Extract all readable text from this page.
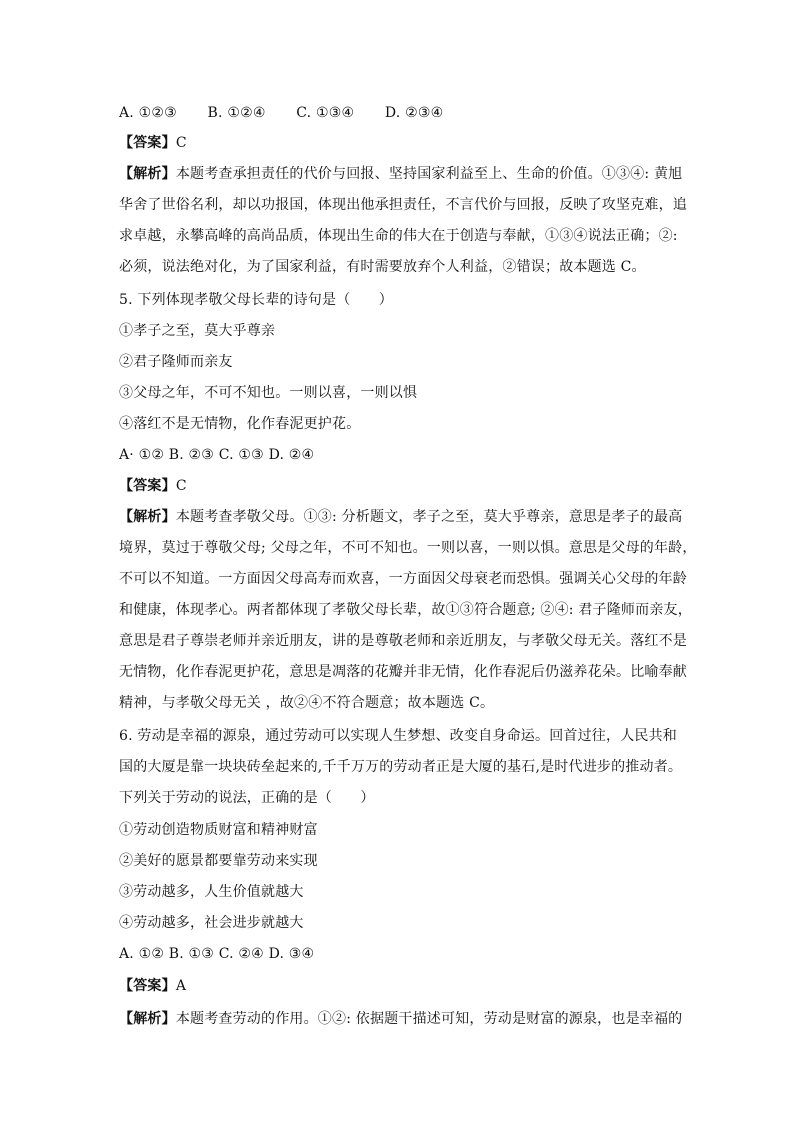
A. ①②③ B. ①②④ C. ①③④ D. ②③④
【答案】C
【解析】本题考查承担责任的代价与回报、坚持国家利益至上、生命的价值。①③④: 黄旭
华舍了世俗名利，却以功报国，体现出他承担责任，不言代价与回报，反映了攻坚克难，追
求卓越，永攀高峰的高尚品质，体现出生命的伟大在于创造与奉献，①③④说法正确；②:
必须，说法绝对化，为了国家利益，有时需要放弃个人利益，②错误；故本题选 C。
5. 下列体现孝敬父母长辈的诗句是（　　）
①孝子之至，莫大乎尊亲
②君子隆师而亲友
③父母之年，不可不知也。一则以喜，一则以惧
④落红不是无情物，化作春泥更护花。
A· ①② B. ②③ C. ①③ D. ②④
【答案】C
【解析】本题考查孝敬父母。①③: 分析题文，孝子之至，莫大乎尊亲，意思是孝子的最高
境界，莫过于尊敬父母; 父母之年，不可不知也。一则以喜，一则以惧。意思是父母的年龄，
不可以不知道。一方面因父母高寿而欢喜，一方面因父母衰老而恐惧。强调关心父母的年龄
和健康，体现孝心。两者都体现了孝敬父母长辈，故①③符合题意; ②④: 君子隆师而亲友，
意思是君子尊崇老师并亲近朋友，讲的是尊敬老师和亲近朋友，与孝敬父母无关。落红不是
无情物，化作春泥更护花，意思是凋落的花瓣并非无情，化作春泥后仍滋养花朵。比喻奉献
精神，与孝敬父母无关 ，故②④不符合题意；故本题选 C。
6. 劳动是幸福的源泉，通过劳动可以实现人生梦想、改变自身命运。回首过往，人民共和
国的大厦是靠一块块砖垒起来的,千千万万的劳动者正是大厦的基石,是时代进步的推动者。
下列关于劳动的说法，正确的是（　　）
①劳动创造物质财富和精神财富
②美好的愿景都要靠劳动来实现
③劳动越多，人生价值就越大
④劳动越多，社会进步就越大
A. ①② B. ①③ C. ②④ D. ③④
【答案】A
【解析】本题考查劳动的作用。①②: 依据题干描述可知，劳动是财富的源泉，也是幸福的
